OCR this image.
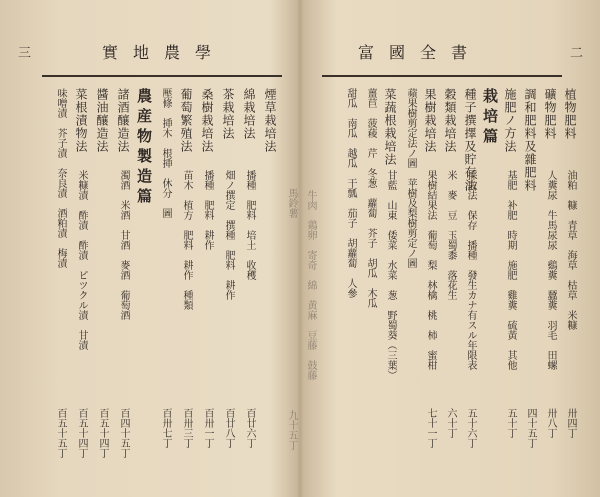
三	實地農學
煙草栽培法
綿栽培法
播種　肥料　培土　收穫
百廿六丁
茶栽培法
畑ノ撰定　撰種　肥料　耕作
百廿八丁
桑樹栽培法
播種　肥料　耕作
百卅一丁
葡萄繁殖法
苗木　植方　肥料　耕作　種類
百卅三丁
壓條　挿木　根挿　休分　圖
百卅七丁
農産物製造篇
諸酒釀造法
濁酒　米酒　甘酒　麥酒　葡萄酒
百四十五丁
醬油釀造法
百五十四丁
菜根漬物法
米糠漬　酢漬　酢漬　ピツクル漬　甘漬
百五十四丁
味噌漬　芥子漬　奈良漬　酒粕漬　梅漬
百五十五丁
富國全書	二
植物肥料
油粕　糠　青草　海草　枯草　米糠
卅四丁
礦物肥料
人糞尿　牛馬尿尿　鷄糞　蠶糞　羽毛　田螺
卅八丁
調和肥料及雜肥料
四十五丁
施肥ノ方法
基肥　补肥　時期　施肥　雞糞　硫黃　其他
五十丁
栽培篇
種子撰擇及貯存法
採取法　保存　播種　發生カナ有スル年限表
五十六丁
穀類栽培法
米　麥　豆　玉蜀黍　落花生
六十丁
果樹栽培法
果樹結果法　葡萄　梨　林檎　桃　柿　蜜柑
七十一丁
蘋果樹剪定法ノ圖　苹樹及梨樹剪定ノ圖
菜蔬根栽培法
甘藍　山東　倭菜　水菜　葱　野蜀葵（三葉）
薑苣　菠薐　芹　冬葱　蘿蔔　芥子　胡瓜　木瓜
甜瓜　南瓜　越瓜　干瓢　茄子　胡蘿蔔　人參
牛肉　鶏卵　寄奇　綿　黄麻　豆藤　鼓藤
馬鈴薯
九十五丁
